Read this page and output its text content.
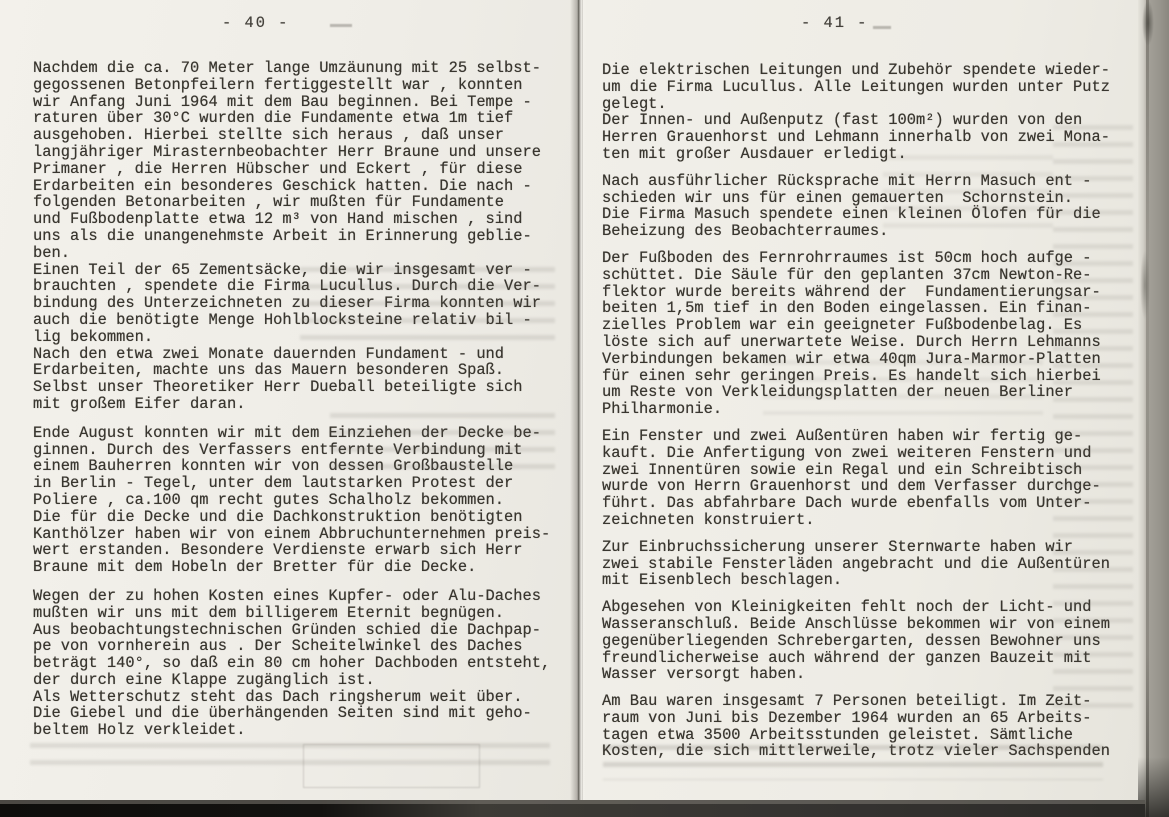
- 40 -
Nachdem die ca. 70 Meter lange Umzäunung mit 25 selbst-
gegossenen Betonpfeilern fertiggestellt war , konnten
wir Anfang Juni 1964 mit dem Bau beginnen. Bei Tempe -
raturen über 30°C wurden die Fundamente etwa 1m tief
ausgehoben. Hierbei stellte sich heraus , daß unser
langjähriger Mirasternbeobachter Herr Braune und unsere
Primaner , die Herren Hübscher und Eckert , für diese
Erdarbeiten ein besonderes Geschick hatten. Die nach -
folgenden Betonarbeiten , wir mußten für Fundamente
und Fußbodenplatte etwa 12 m³ von Hand mischen , sind
uns als die unangenehmste Arbeit in Erinnerung geblie-
ben.
Einen Teil der 65 Zementsäcke, die wir insgesamt ver -
brauchten , spendete die Firma Lucullus. Durch die Ver-
bindung des Unterzeichneten zu dieser Firma konnten wir
auch die benötigte Menge Hohlblocksteine relativ bil -
lig bekommen.
Nach den etwa zwei Monate dauernden Fundament - und
Erdarbeiten, machte uns das Mauern besonderen Spaß.
Selbst unser Theoretiker Herr Dueball beteiligte sich
mit großem Eifer daran.
Ende August konnten wir mit dem Einziehen der Decke be-
ginnen. Durch des Verfassers entfernte Verbindung mit
einem Bauherren konnten wir von dessen Großbaustelle
in Berlin - Tegel, unter dem lautstarken Protest der
Poliere , ca.100 qm recht gutes Schalholz bekommen.
Die für die Decke und die Dachkonstruktion benötigten
Kanthölzer haben wir von einem Abbruchunternehmen preis-
wert erstanden. Besondere Verdienste erwarb sich Herr
Braune mit dem Hobeln der Bretter für die Decke.
Wegen der zu hohen Kosten eines Kupfer- oder Alu-Daches
mußten wir uns mit dem billigerem Eternit begnügen.
Aus beobachtungstechnischen Gründen schied die Dachpap-
pe von vornherein aus . Der Scheitelwinkel des Daches
beträgt 140°, so daß ein 80 cm hoher Dachboden entsteht,
der durch eine Klappe zugänglich ist.
Als Wetterschutz steht das Dach ringsherum weit über.
Die Giebel und die überhängenden Seiten sind mit geho-
beltem Holz verkleidet.
- 41 -
Die elektrischen Leitungen und Zubehör spendete wieder-
um die Firma Lucullus. Alle Leitungen wurden unter Putz
gelegt.
Der Innen- und Außenputz (fast 100m²) wurden von den
Herren Grauenhorst und Lehmann innerhalb von zwei Mona-
ten mit großer Ausdauer erledigt.
Nach ausführlicher Rücksprache mit Herrn Masuch ent -
schieden wir uns für einen gemauerten  Schornstein.
Die Firma Masuch spendete einen kleinen Ölofen für die
Beheizung des Beobachterraumes.
Der Fußboden des Fernrohrraumes ist 50cm hoch aufge -
schüttet. Die Säule für den geplanten 37cm Newton-Re-
flektor wurde bereits während der  Fundamentierungsar-
beiten 1,5m tief in den Boden eingelassen. Ein finan-
zielles Problem war ein geeigneter Fußbodenbelag. Es
löste sich auf unerwartete Weise. Durch Herrn Lehmanns
Verbindungen bekamen wir etwa 40qm Jura-Marmor-Platten
für einen sehr geringen Preis. Es handelt sich hierbei
um Reste von Verkleidungsplatten der neuen Berliner
Philharmonie.
Ein Fenster und zwei Außentüren haben wir fertig ge-
kauft. Die Anfertigung von zwei weiteren Fenstern und
zwei Innentüren sowie ein Regal und ein Schreibtisch
wurde von Herrn Grauenhorst und dem Verfasser durchge-
führt. Das abfahrbare Dach wurde ebenfalls vom Unter-
zeichneten konstruiert.
Zur Einbruchssicherung unserer Sternwarte haben wir
zwei stabile Fensterläden angebracht und die Außentüren
mit Eisenblech beschlagen.
Abgesehen von Kleinigkeiten fehlt noch der Licht- und
Wasseranschluß. Beide Anschlüsse bekommen wir von einem
gegenüberliegenden Schrebergarten, dessen Bewohner uns
freundlicherweise auch während der ganzen Bauzeit mit
Wasser versorgt haben.
Am Bau waren insgesamt 7 Personen beteiligt. Im Zeit-
raum von Juni bis Dezember 1964 wurden an 65 Arbeits-
tagen etwa 3500 Arbeitsstunden geleistet. Sämtliche
Kosten, die sich mittlerweile, trotz vieler Sachspenden
